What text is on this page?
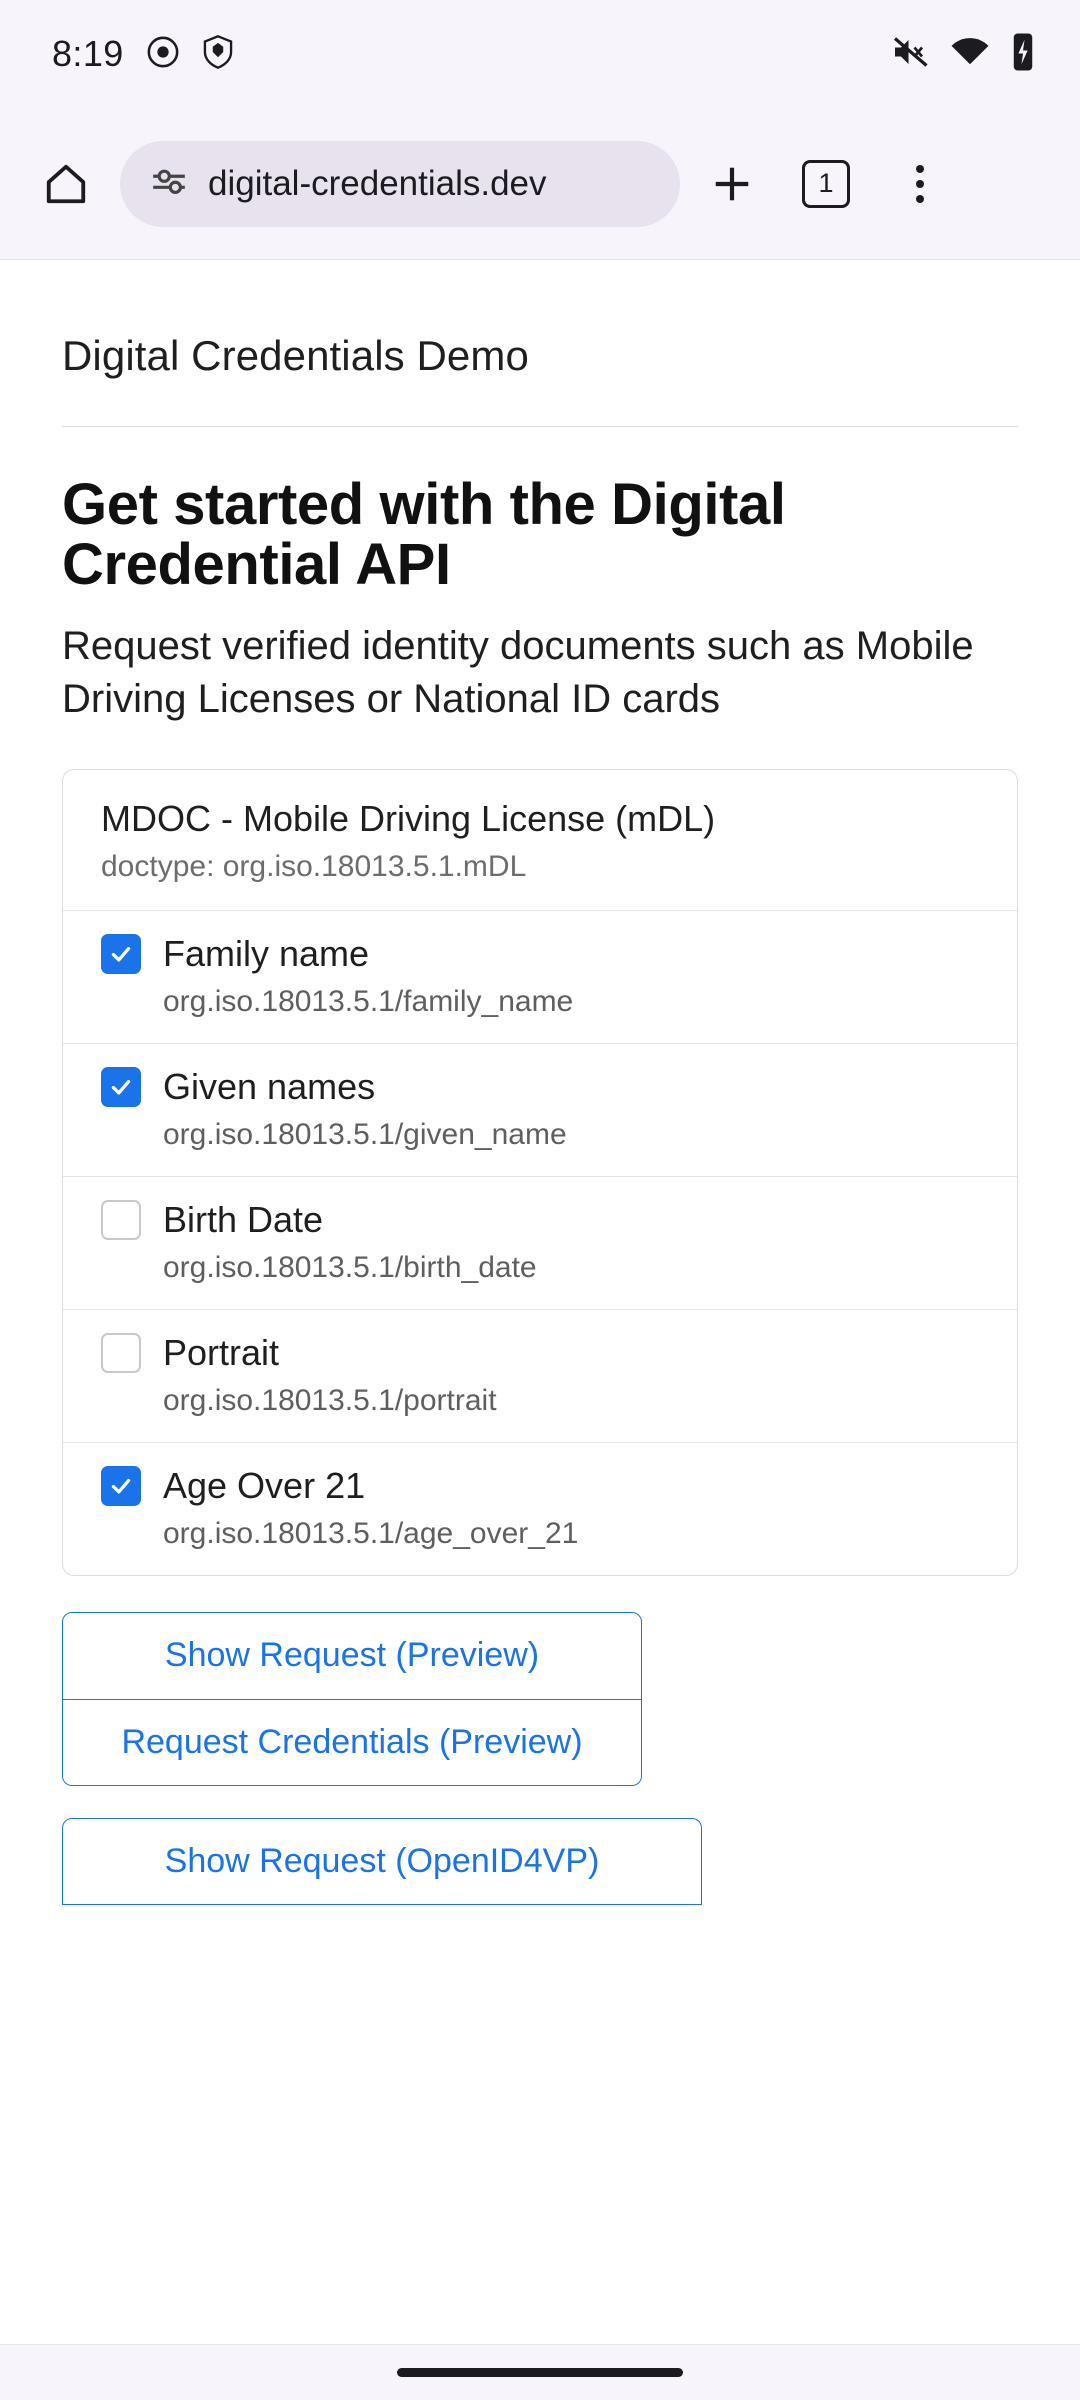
8:19
digital-credentials.dev	1
Digital Credentials Demo
Get started with the Digital Credential API

Request verified identity documents such as Mobile Driving Licenses or National ID cards

MDOC - Mobile Driving License (mDL)
doctype: org.iso.18013.5.1.mDL
Family name
org.iso.18013.5.1/family_name
Given names
org.iso.18013.5.1/given_name
Birth Date
org.iso.18013.5.1/birth_date
Portrait
org.iso.18013.5.1/portrait
Age Over 21
org.iso.18013.5.1/age_over_21
Show Request (Preview)
Request Credentials (Preview)
Show Request (OpenID4VP)
